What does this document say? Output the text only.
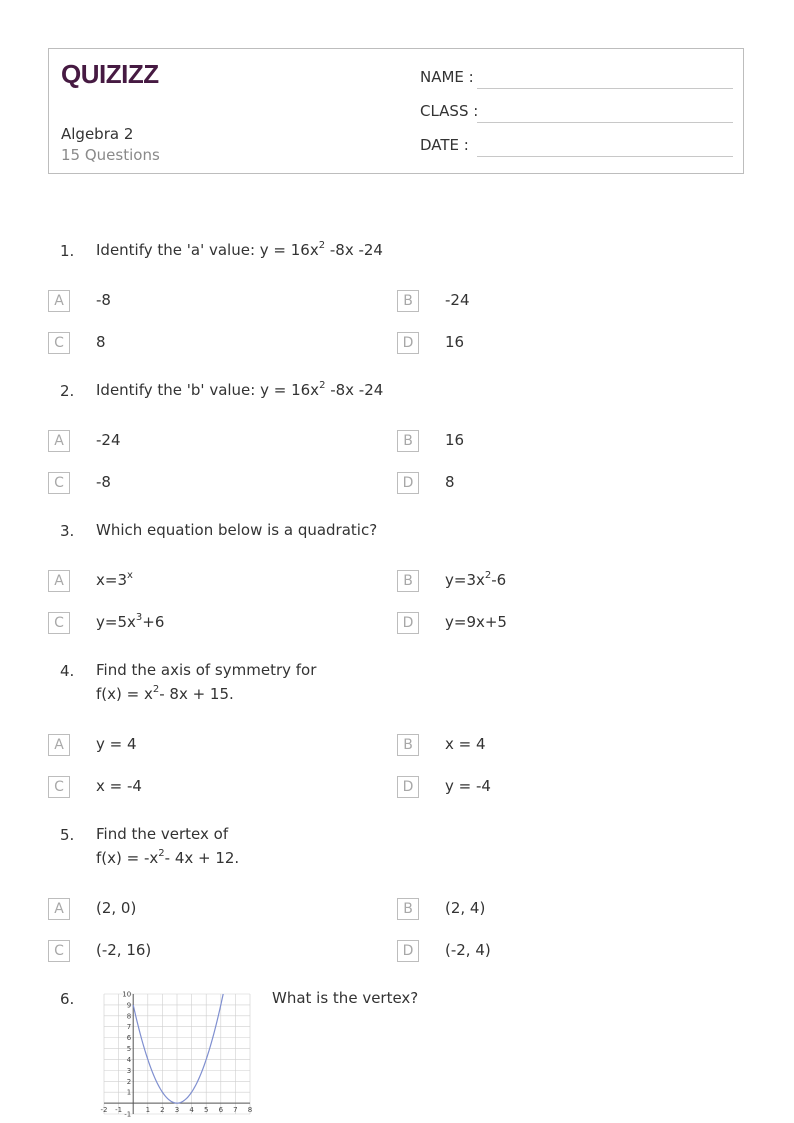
QUIZIZZ
Algebra 2
15 Questions
NAME :
CLASS :
DATE :
1. Identify the 'a' value: $y = 16x^2$ -8x -24
A	-8	B	-24
C	8	D	16
2. Identify the 'b' value: $y = 16x^2$ -8x -24
A	-24	B	16
C	-8	D	8
3. Which equation below is a quadratic?
A	$x=3^x$	B	$y=3x^2-6$
C	$y=5x^3+6$	D	y=9x+5
4. Find the axis of symmetry for
$f(x) = x^2-$ 8x + 15.
A	y = 4	B	x = 4
C	x = -4	D	y = -4
5. Find the vertex of
$f(x) = -x^2-$ 4x + 12.
A	(2, 0)	B	(2, 4)
C	(-2, 16)	D	(-2, 4)
6.	What is the vertex?
-2 -1	1 2 3 4 5 6 7 8
-1
1
2
3
4
5
6
7
8
9
10
